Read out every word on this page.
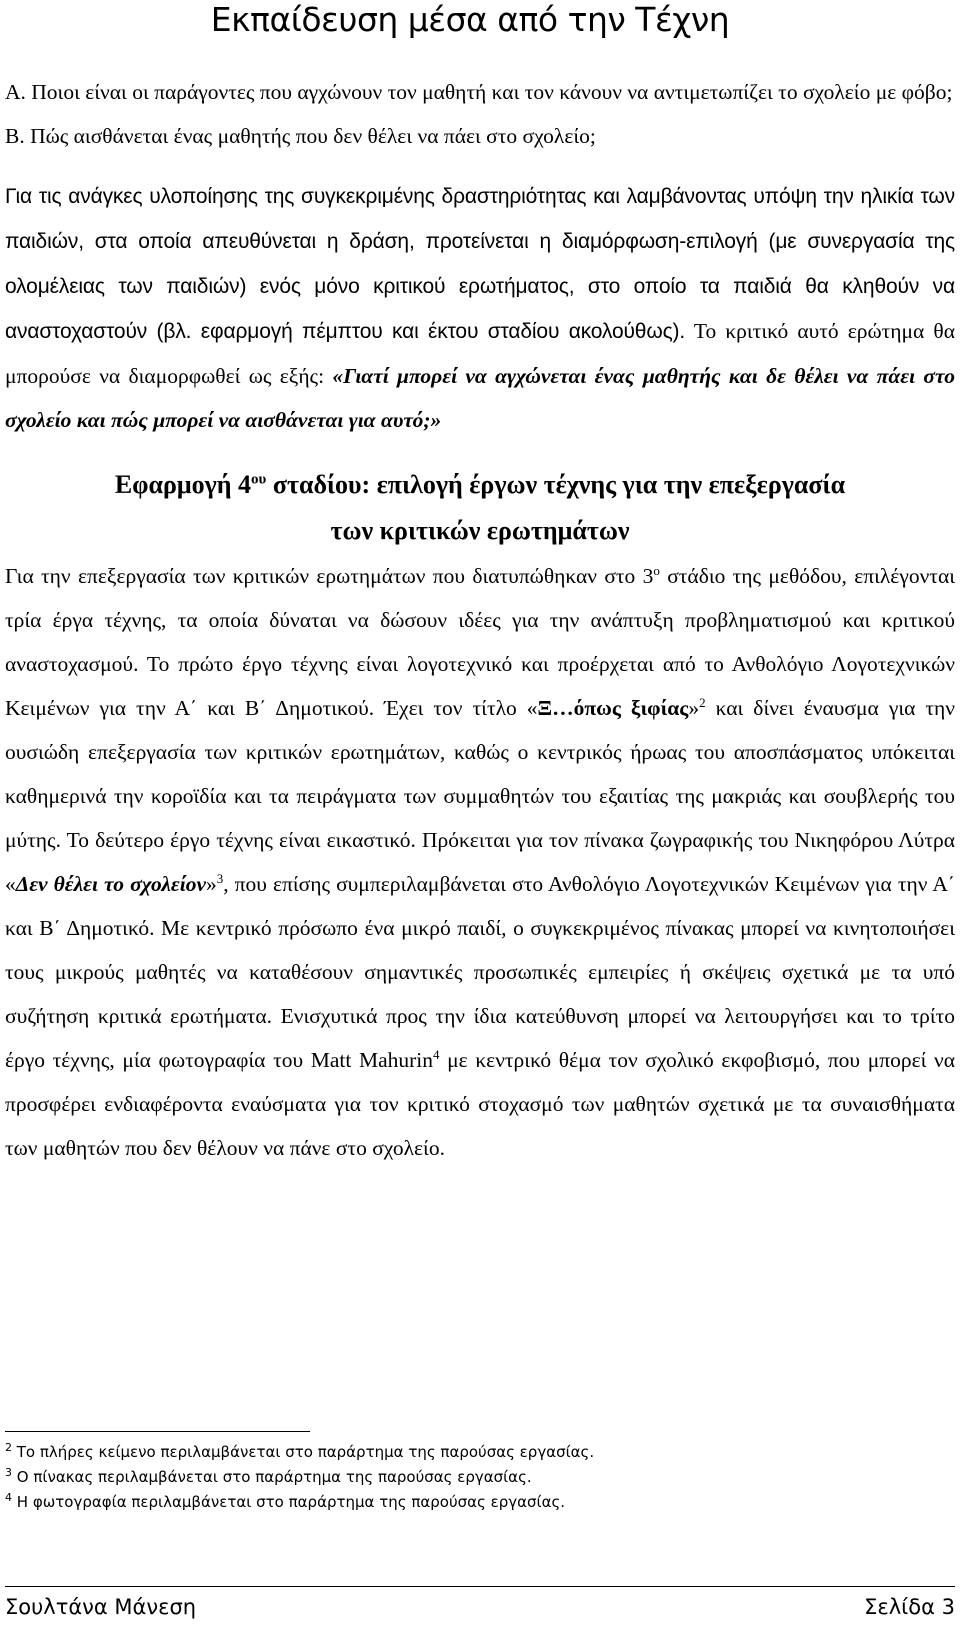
Εκπαίδευση μέσα από την Τέχνη

Α. Ποιοι είναι οι παράγοντες που αγχώνουν τον μαθητή και τον κάνουν να αντιμετωπίζει το σχολείο με φόβο;

Β. Πώς αισθάνεται ένας μαθητής που δεν θέλει να πάει στο σχολείο;

Για τις ανάγκες υλοποίησης της συγκεκριμένης δραστηριότητας και λαμβάνοντας υπόψη την ηλικία των παιδιών, στα οποία απευθύνεται η δράση, προτείνεται η διαμόρφωση-επιλογή (με συνεργασία της ολομέλειας των παιδιών) ενός μόνο κριτικού ερωτήματος, στο οποίο τα παιδιά θα κληθούν να αναστοχαστούν (βλ. εφαρμογή πέμπτου και έκτου σταδίου ακολούθως). Το κριτικό αυτό ερώτημα θα μπορούσε να διαμορφωθεί ως εξής: «Γιατί μπορεί να αγχώνεται ένας μαθητής και δε θέλει να πάει στο σχολείο και πώς μπορεί να αισθάνεται για αυτό;»

Εφαρμογή $4^{o\upsilon}$ σταδίου: επιλογή έργων τέχνης για την επεξεργασία
των κριτικών ερωτημάτων

Για την επεξεργασία των κριτικών ερωτημάτων που διατυπώθηκαν στο $3^o$ στάδιο της μεθόδου, επιλέγονται τρία έργα τέχνης, τα οποία δύναται να δώσουν ιδέες για την ανάπτυξη προβληματισμού και κριτικού αναστοχασμού. Το πρώτο έργο τέχνης είναι λογοτεχνικό και προέρχεται από το Ανθολόγιο Λογοτεχνικών Κειμένων για την Α΄ και Β΄ Δημοτικού. Έχει τον τίτλο «Ξ…όπως ξιφίας»$^2$ και δίνει έναυσμα για την ουσιώδη επεξεργασία των κριτικών ερωτημάτων, καθώς ο κεντρικός ήρωας του αποσπάσματος υπόκειται καθημερινά την κοροϊδία και τα πειράγματα των συμμαθητών του εξαιτίας της μακριάς και σουβλερής του μύτης. Το δεύτερο έργο τέχνης είναι εικαστικό. Πρόκειται για τον πίνακα ζωγραφικής του Νικηφόρου Λύτρα «Δεν θέλει το σχολείον»$^3$, που επίσης συμπεριλαμβάνεται στο Ανθολόγιο Λογοτεχνικών Κειμένων για την Α΄ και Β΄ Δημοτικό. Με κεντρικό πρόσωπο ένα μικρό παιδί, ο συγκεκριμένος πίνακας μπορεί να κινητοποιήσει τους μικρούς μαθητές να καταθέσουν σημαντικές προσωπικές εμπειρίες ή σκέψεις σχετικά με τα υπό συζήτηση κριτικά ερωτήματα. Ενισχυτικά προς την ίδια κατεύθυνση μπορεί να λειτουργήσει και το τρίτο έργο τέχνης, μία φωτογραφία του Matt Mahurin$^4$ με κεντρικό θέμα τον σχολικό εκφοβισμό, που μπορεί να προσφέρει ενδιαφέροντα εναύσματα για τον κριτικό στοχασμό των μαθητών σχετικά με τα συναισθήματα των μαθητών που δεν θέλουν να πάνε στο σχολείο.

$^2$ Το πλήρες κείμενο περιλαμβάνεται στο παράρτημα της παρούσας εργασίας.
$^3$ Ο πίνακας περιλαμβάνεται στο παράρτημα της παρούσας εργασίας.
$^4$ Η φωτογραφία περιλαμβάνεται στο παράρτημα της παρούσας εργασίας.
Σουλτάνα Μάνεση	Σελίδα 3
